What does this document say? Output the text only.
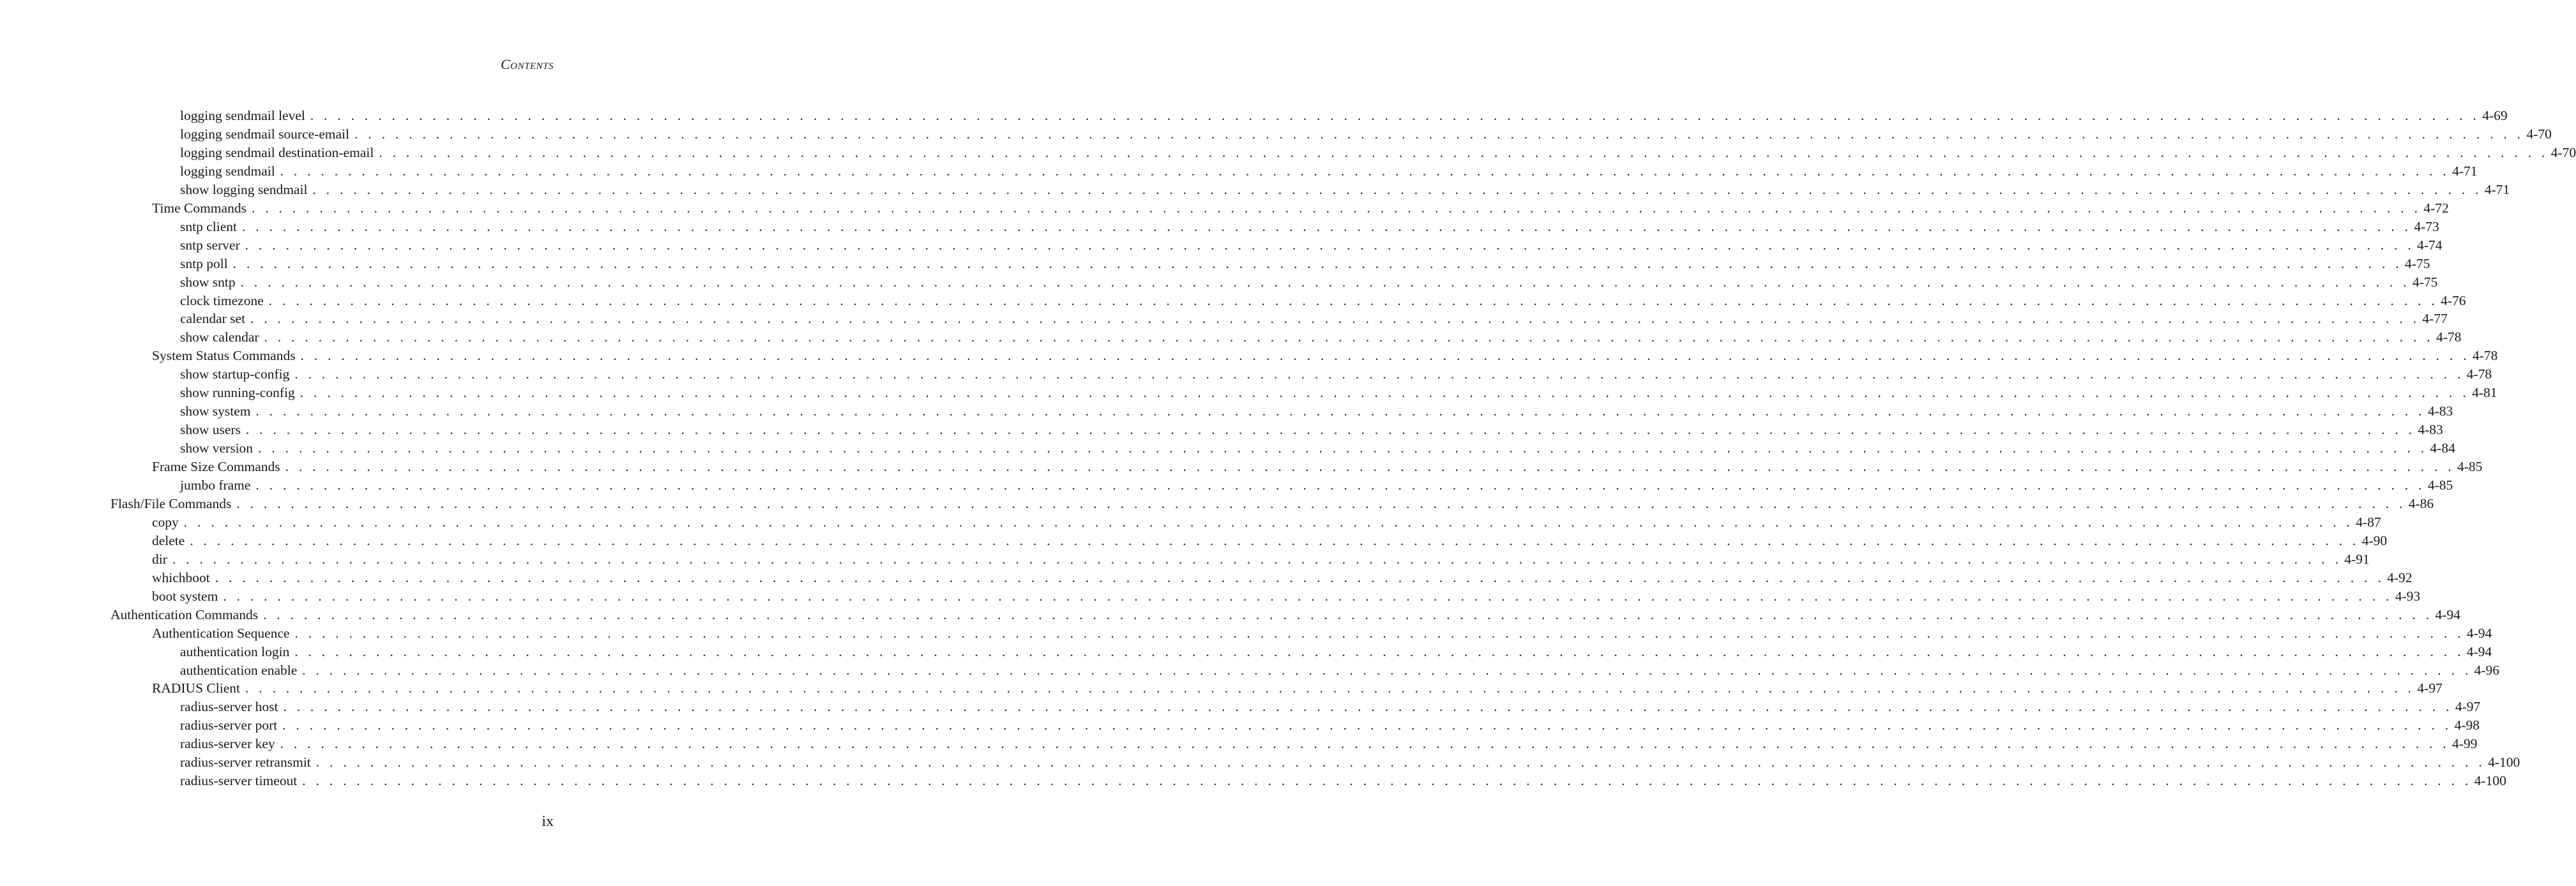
Contents
logging sendmail level . . . . . . . . . . . . . . . . . . . . . . . . . . . . . . . . . . . . . . . . . . . . . . . . . . . . . . . . . . . . . . . . . . . . . . . . . . . . . . . . . . . . . . . . . . . . . . . . . . . . . . . . . . . . . . . . . . . . . . . . . . . . . . . . . . . . . . . . . . . . . . . . . . . . . . . . . . . . . . . . 4-69
logging sendmail source-email . . . . . . . . . . . . . . . . . . . . . . . . . . . . . . . . . . . . . . . . . . . . . . . . . . . . . . . . . . . . . . . . . . . . . . . . . . . . . . . . . . . . . . . . . . . . . . . . . . . . . . . . . . . . . . . . . . . . . . . . . . . . . . . . . . . . . . . . . . . . . . . . . . . . . . . . . . . . . . . . 4-70
logging sendmail destination-email . . . . . . . . . . . . . . . . . . . . . . . . . . . . . . . . . . . . . . . . . . . . . . . . . . . . . . . . . . . . . . . . . . . . . . . . . . . . . . . . . . . . . . . . . . . . . . . . . . . . . . . . . . . . . . . . . . . . . . . . . . . . . . . . . . . . . . . . . . . . . . . . . . . . . . . . . . . . . . . . 4-70
logging sendmail . . . . . . . . . . . . . . . . . . . . . . . . . . . . . . . . . . . . . . . . . . . . . . . . . . . . . . . . . . . . . . . . . . . . . . . . . . . . . . . . . . . . . . . . . . . . . . . . . . . . . . . . . . . . . . . . . . . . . . . . . . . . . . . . . . . . . . . . . . . . . . . . . . . . . . . . . . . . . . . . 4-71
show logging sendmail . . . . . . . . . . . . . . . . . . . . . . . . . . . . . . . . . . . . . . . . . . . . . . . . . . . . . . . . . . . . . . . . . . . . . . . . . . . . . . . . . . . . . . . . . . . . . . . . . . . . . . . . . . . . . . . . . . . . . . . . . . . . . . . . . . . . . . . . . . . . . . . . . . . . . . . . . . . . . . . . 4-71
Time Commands . . . . . . . . . . . . . . . . . . . . . . . . . . . . . . . . . . . . . . . . . . . . . . . . . . . . . . . . . . . . . . . . . . . . . . . . . . . . . . . . . . . . . . . . . . . . . . . . . . . . . . . . . . . . . . . . . . . . . . . . . . . . . . . . . . . . . . . . . . . . . . . . . . . . . . . . . . . . . . . . 4-72
sntp client . . . . . . . . . . . . . . . . . . . . . . . . . . . . . . . . . . . . . . . . . . . . . . . . . . . . . . . . . . . . . . . . . . . . . . . . . . . . . . . . . . . . . . . . . . . . . . . . . . . . . . . . . . . . . . . . . . . . . . . . . . . . . . . . . . . . . . . . . . . . . . . . . . . . . . . . . . . . . . . . 4-73
sntp server . . . . . . . . . . . . . . . . . . . . . . . . . . . . . . . . . . . . . . . . . . . . . . . . . . . . . . . . . . . . . . . . . . . . . . . . . . . . . . . . . . . . . . . . . . . . . . . . . . . . . . . . . . . . . . . . . . . . . . . . . . . . . . . . . . . . . . . . . . . . . . . . . . . . . . . . . . . . . . . . 4-74
sntp poll . . . . . . . . . . . . . . . . . . . . . . . . . . . . . . . . . . . . . . . . . . . . . . . . . . . . . . . . . . . . . . . . . . . . . . . . . . . . . . . . . . . . . . . . . . . . . . . . . . . . . . . . . . . . . . . . . . . . . . . . . . . . . . . . . . . . . . . . . . . . . . . . . . . . . . . . . . . . . . . . 4-75
show sntp . . . . . . . . . . . . . . . . . . . . . . . . . . . . . . . . . . . . . . . . . . . . . . . . . . . . . . . . . . . . . . . . . . . . . . . . . . . . . . . . . . . . . . . . . . . . . . . . . . . . . . . . . . . . . . . . . . . . . . . . . . . . . . . . . . . . . . . . . . . . . . . . . . . . . . . . . . . . . . . . 4-75
clock timezone . . . . . . . . . . . . . . . . . . . . . . . . . . . . . . . . . . . . . . . . . . . . . . . . . . . . . . . . . . . . . . . . . . . . . . . . . . . . . . . . . . . . . . . . . . . . . . . . . . . . . . . . . . . . . . . . . . . . . . . . . . . . . . . . . . . . . . . . . . . . . . . . . . . . . . . . . . . . . . . . 4-76
calendar set . . . . . . . . . . . . . . . . . . . . . . . . . . . . . . . . . . . . . . . . . . . . . . . . . . . . . . . . . . . . . . . . . . . . . . . . . . . . . . . . . . . . . . . . . . . . . . . . . . . . . . . . . . . . . . . . . . . . . . . . . . . . . . . . . . . . . . . . . . . . . . . . . . . . . . . . . . . . . . . . 4-77
show calendar . . . . . . . . . . . . . . . . . . . . . . . . . . . . . . . . . . . . . . . . . . . . . . . . . . . . . . . . . . . . . . . . . . . . . . . . . . . . . . . . . . . . . . . . . . . . . . . . . . . . . . . . . . . . . . . . . . . . . . . . . . . . . . . . . . . . . . . . . . . . . . . . . . . . . . . . . . . . . . . . 4-78
System Status Commands . . . . . . . . . . . . . . . . . . . . . . . . . . . . . . . . . . . . . . . . . . . . . . . . . . . . . . . . . . . . . . . . . . . . . . . . . . . . . . . . . . . . . . . . . . . . . . . . . . . . . . . . . . . . . . . . . . . . . . . . . . . . . . . . . . . . . . . . . . . . . . . . . . . . . . . . . . . . . . . . 4-78
show startup-config . . . . . . . . . . . . . . . . . . . . . . . . . . . . . . . . . . . . . . . . . . . . . . . . . . . . . . . . . . . . . . . . . . . . . . . . . . . . . . . . . . . . . . . . . . . . . . . . . . . . . . . . . . . . . . . . . . . . . . . . . . . . . . . . . . . . . . . . . . . . . . . . . . . . . . . . . . . . . . . . 4-78
show running-config . . . . . . . . . . . . . . . . . . . . . . . . . . . . . . . . . . . . . . . . . . . . . . . . . . . . . . . . . . . . . . . . . . . . . . . . . . . . . . . . . . . . . . . . . . . . . . . . . . . . . . . . . . . . . . . . . . . . . . . . . . . . . . . . . . . . . . . . . . . . . . . . . . . . . . . . . . . . . . . . 4-81
show system . . . . . . . . . . . . . . . . . . . . . . . . . . . . . . . . . . . . . . . . . . . . . . . . . . . . . . . . . . . . . . . . . . . . . . . . . . . . . . . . . . . . . . . . . . . . . . . . . . . . . . . . . . . . . . . . . . . . . . . . . . . . . . . . . . . . . . . . . . . . . . . . . . . . . . . . . . . . . . . . 4-83
show users . . . . . . . . . . . . . . . . . . . . . . . . . . . . . . . . . . . . . . . . . . . . . . . . . . . . . . . . . . . . . . . . . . . . . . . . . . . . . . . . . . . . . . . . . . . . . . . . . . . . . . . . . . . . . . . . . . . . . . . . . . . . . . . . . . . . . . . . . . . . . . . . . . . . . . . . . . . . . . . . 4-83
show version . . . . . . . . . . . . . . . . . . . . . . . . . . . . . . . . . . . . . . . . . . . . . . . . . . . . . . . . . . . . . . . . . . . . . . . . . . . . . . . . . . . . . . . . . . . . . . . . . . . . . . . . . . . . . . . . . . . . . . . . . . . . . . . . . . . . . . . . . . . . . . . . . . . . . . . . . . . . . . . . 4-84
Frame Size Commands . . . . . . . . . . . . . . . . . . . . . . . . . . . . . . . . . . . . . . . . . . . . . . . . . . . . . . . . . . . . . . . . . . . . . . . . . . . . . . . . . . . . . . . . . . . . . . . . . . . . . . . . . . . . . . . . . . . . . . . . . . . . . . . . . . . . . . . . . . . . . . . . . . . . . . . . . . . . . . . . 4-85
jumbo frame . . . . . . . . . . . . . . . . . . . . . . . . . . . . . . . . . . . . . . . . . . . . . . . . . . . . . . . . . . . . . . . . . . . . . . . . . . . . . . . . . . . . . . . . . . . . . . . . . . . . . . . . . . . . . . . . . . . . . . . . . . . . . . . . . . . . . . . . . . . . . . . . . . . . . . . . . . . . . . . . 4-85
Flash/File Commands . . . . . . . . . . . . . . . . . . . . . . . . . . . . . . . . . . . . . . . . . . . . . . . . . . . . . . . . . . . . . . . . . . . . . . . . . . . . . . . . . . . . . . . . . . . . . . . . . . . . . . . . . . . . . . . . . . . . . . . . . . . . . . . . . . . . . . . . . . . . . . . . . . . . . . . . . . . . . . . . 4-86
copy . . . . . . . . . . . . . . . . . . . . . . . . . . . . . . . . . . . . . . . . . . . . . . . . . . . . . . . . . . . . . . . . . . . . . . . . . . . . . . . . . . . . . . . . . . . . . . . . . . . . . . . . . . . . . . . . . . . . . . . . . . . . . . . . . . . . . . . . . . . . . . . . . . . . . . . . . . . . . . . . 4-87
delete . . . . . . . . . . . . . . . . . . . . . . . . . . . . . . . . . . . . . . . . . . . . . . . . . . . . . . . . . . . . . . . . . . . . . . . . . . . . . . . . . . . . . . . . . . . . . . . . . . . . . . . . . . . . . . . . . . . . . . . . . . . . . . . . . . . . . . . . . . . . . . . . . . . . . . . . . . . . . . . . 4-90
dir . . . . . . . . . . . . . . . . . . . . . . . . . . . . . . . . . . . . . . . . . . . . . . . . . . . . . . . . . . . . . . . . . . . . . . . . . . . . . . . . . . . . . . . . . . . . . . . . . . . . . . . . . . . . . . . . . . . . . . . . . . . . . . . . . . . . . . . . . . . . . . . . . . . . . . . . . . . . . . . . 4-91
whichboot . . . . . . . . . . . . . . . . . . . . . . . . . . . . . . . . . . . . . . . . . . . . . . . . . . . . . . . . . . . . . . . . . . . . . . . . . . . . . . . . . . . . . . . . . . . . . . . . . . . . . . . . . . . . . . . . . . . . . . . . . . . . . . . . . . . . . . . . . . . . . . . . . . . . . . . . . . . . . . . . 4-92
boot system . . . . . . . . . . . . . . . . . . . . . . . . . . . . . . . . . . . . . . . . . . . . . . . . . . . . . . . . . . . . . . . . . . . . . . . . . . . . . . . . . . . . . . . . . . . . . . . . . . . . . . . . . . . . . . . . . . . . . . . . . . . . . . . . . . . . . . . . . . . . . . . . . . . . . . . . . . . . . . . . 4-93
Authentication Commands . . . . . . . . . . . . . . . . . . . . . . . . . . . . . . . . . . . . . . . . . . . . . . . . . . . . . . . . . . . . . . . . . . . . . . . . . . . . . . . . . . . . . . . . . . . . . . . . . . . . . . . . . . . . . . . . . . . . . . . . . . . . . . . . . . . . . . . . . . . . . . . . . . . . . . . . . . . . . . . . 4-94
Authentication Sequence . . . . . . . . . . . . . . . . . . . . . . . . . . . . . . . . . . . . . . . . . . . . . . . . . . . . . . . . . . . . . . . . . . . . . . . . . . . . . . . . . . . . . . . . . . . . . . . . . . . . . . . . . . . . . . . . . . . . . . . . . . . . . . . . . . . . . . . . . . . . . . . . . . . . . . . . . . . . . . . . 4-94
authentication login . . . . . . . . . . . . . . . . . . . . . . . . . . . . . . . . . . . . . . . . . . . . . . . . . . . . . . . . . . . . . . . . . . . . . . . . . . . . . . . . . . . . . . . . . . . . . . . . . . . . . . . . . . . . . . . . . . . . . . . . . . . . . . . . . . . . . . . . . . . . . . . . . . . . . . . . . . . . . . . . 4-94
authentication enable . . . . . . . . . . . . . . . . . . . . . . . . . . . . . . . . . . . . . . . . . . . . . . . . . . . . . . . . . . . . . . . . . . . . . . . . . . . . . . . . . . . . . . . . . . . . . . . . . . . . . . . . . . . . . . . . . . . . . . . . . . . . . . . . . . . . . . . . . . . . . . . . . . . . . . . . . . . . . . . . 4-96
RADIUS Client . . . . . . . . . . . . . . . . . . . . . . . . . . . . . . . . . . . . . . . . . . . . . . . . . . . . . . . . . . . . . . . . . . . . . . . . . . . . . . . . . . . . . . . . . . . . . . . . . . . . . . . . . . . . . . . . . . . . . . . . . . . . . . . . . . . . . . . . . . . . . . . . . . . . . . . . . . . . . . . . 4-97
radius-server host . . . . . . . . . . . . . . . . . . . . . . . . . . . . . . . . . . . . . . . . . . . . . . . . . . . . . . . . . . . . . . . . . . . . . . . . . . . . . . . . . . . . . . . . . . . . . . . . . . . . . . . . . . . . . . . . . . . . . . . . . . . . . . . . . . . . . . . . . . . . . . . . . . . . . . . . . . . . . . . . 4-97
radius-server port . . . . . . . . . . . . . . . . . . . . . . . . . . . . . . . . . . . . . . . . . . . . . . . . . . . . . . . . . . . . . . . . . . . . . . . . . . . . . . . . . . . . . . . . . . . . . . . . . . . . . . . . . . . . . . . . . . . . . . . . . . . . . . . . . . . . . . . . . . . . . . . . . . . . . . . . . . . . . . . . 4-98
radius-server key . . . . . . . . . . . . . . . . . . . . . . . . . . . . . . . . . . . . . . . . . . . . . . . . . . . . . . . . . . . . . . . . . . . . . . . . . . . . . . . . . . . . . . . . . . . . . . . . . . . . . . . . . . . . . . . . . . . . . . . . . . . . . . . . . . . . . . . . . . . . . . . . . . . . . . . . . . . . . . . . 4-99
radius-server retransmit . . . . . . . . . . . . . . . . . . . . . . . . . . . . . . . . . . . . . . . . . . . . . . . . . . . . . . . . . . . . . . . . . . . . . . . . . . . . . . . . . . . . . . . . . . . . . . . . . . . . . . . . . . . . . . . . . . . . . . . . . . . . . . . . . . . . . . . . . . . . . . . . . . . . . . . . . . . . . . . . 4-100
radius-server timeout . . . . . . . . . . . . . . . . . . . . . . . . . . . . . . . . . . . . . . . . . . . . . . . . . . . . . . . . . . . . . . . . . . . . . . . . . . . . . . . . . . . . . . . . . . . . . . . . . . . . . . . . . . . . . . . . . . . . . . . . . . . . . . . . . . . . . . . . . . . . . . . . . . . . . . . . . . . . . . . . 4-100
ix
